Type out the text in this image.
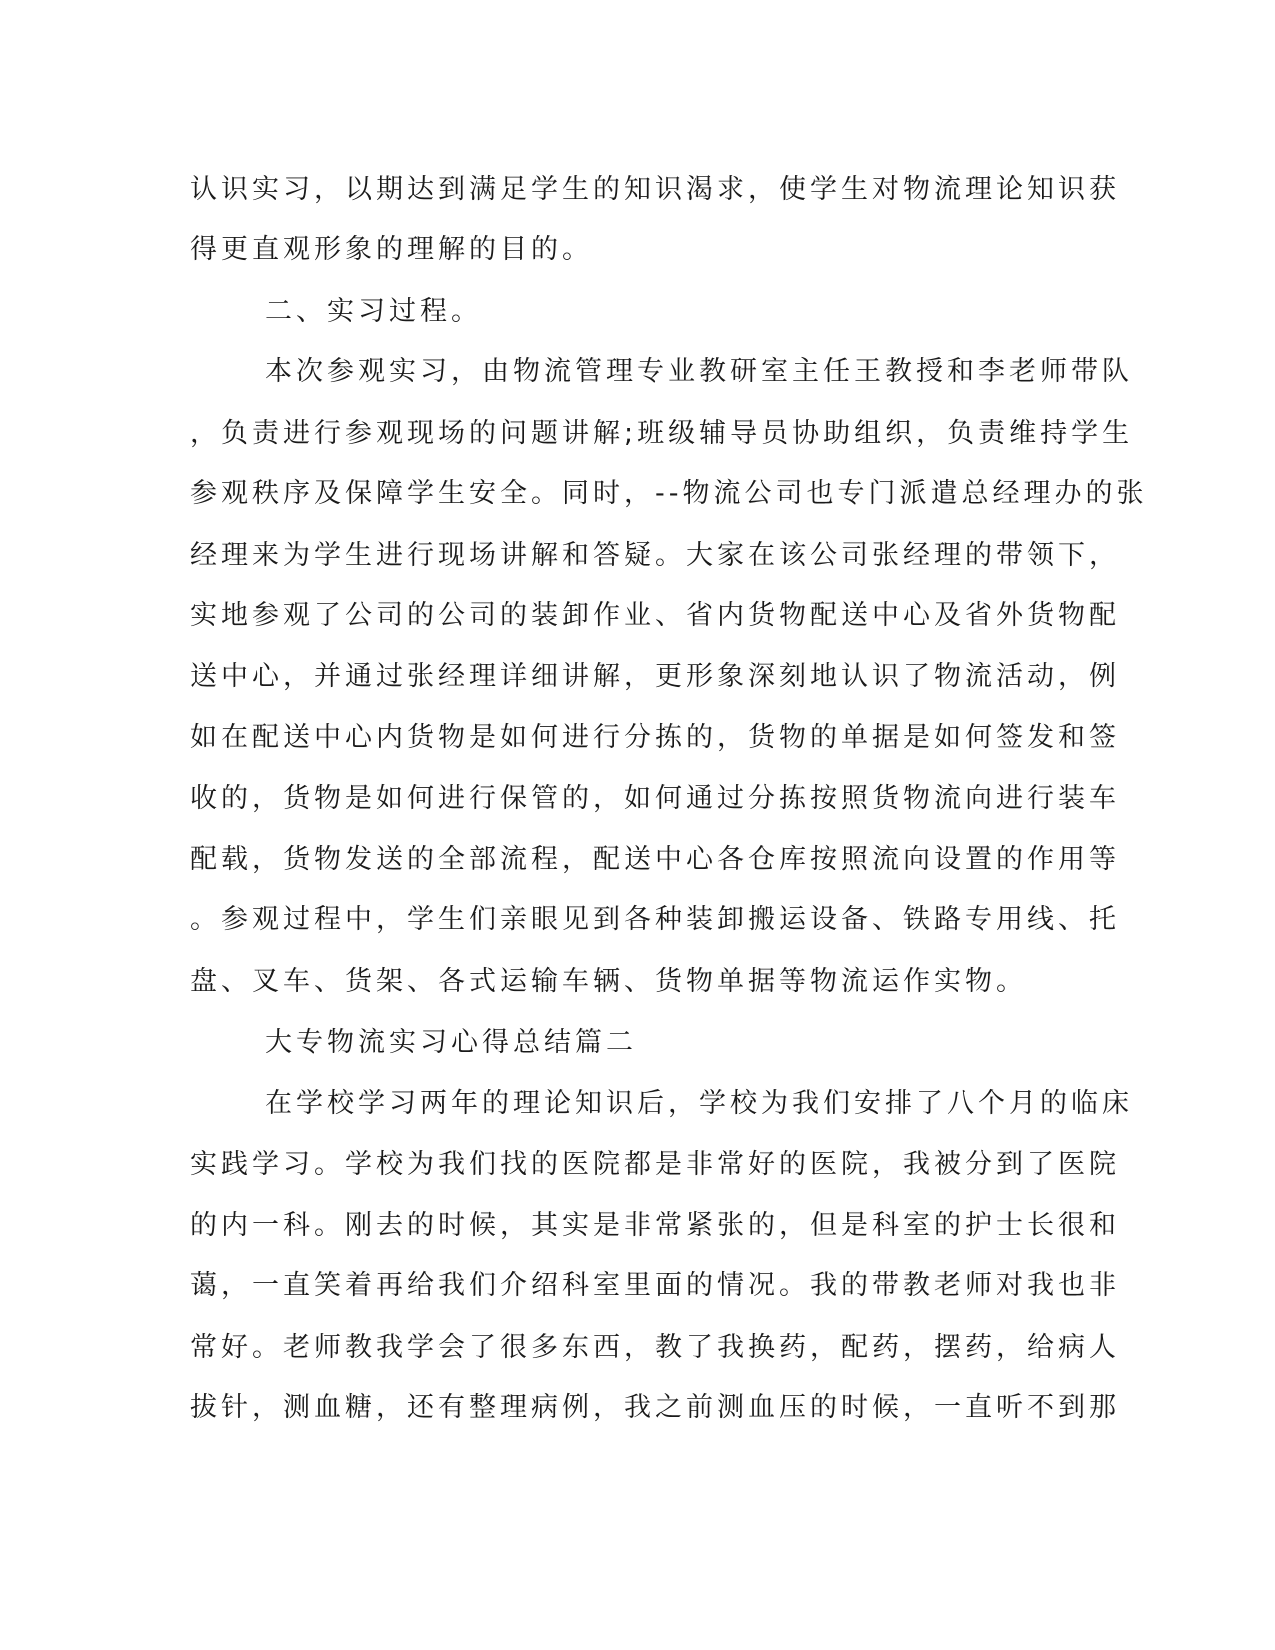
认识实习，以期达到满足学生的知识渴求，使学生对物流理论知识获
得更直观形象的理解的目的。
二、实习过程。
本次参观实习，由物流管理专业教研室主任王教授和李老师带队
，负责进行参观现场的问题讲解;班级辅导员协助组织，负责维持学生
参观秩序及保障学生安全。同时，--物流公司也专门派遣总经理办的张
经理来为学生进行现场讲解和答疑。大家在该公司张经理的带领下，
实地参观了公司的公司的装卸作业、省内货物配送中心及省外货物配
送中心，并通过张经理详细讲解，更形象深刻地认识了物流活动，例
如在配送中心内货物是如何进行分拣的，货物的单据是如何签发和签
收的，货物是如何进行保管的，如何通过分拣按照货物流向进行装车
配载，货物发送的全部流程，配送中心各仓库按照流向设置的作用等
。参观过程中，学生们亲眼见到各种装卸搬运设备、铁路专用线、托
盘、叉车、货架、各式运输车辆、货物单据等物流运作实物。
大专物流实习心得总结篇二
在学校学习两年的理论知识后，学校为我们安排了八个月的临床
实践学习。学校为我们找的医院都是非常好的医院，我被分到了医院
的内一科。刚去的时候，其实是非常紧张的，但是科室的护士长很和
蔼，一直笑着再给我们介绍科室里面的情况。我的带教老师对我也非
常好。老师教我学会了很多东西，教了我换药，配药，摆药，给病人
拔针，测血糖，还有整理病例，我之前测血压的时候，一直听不到那
